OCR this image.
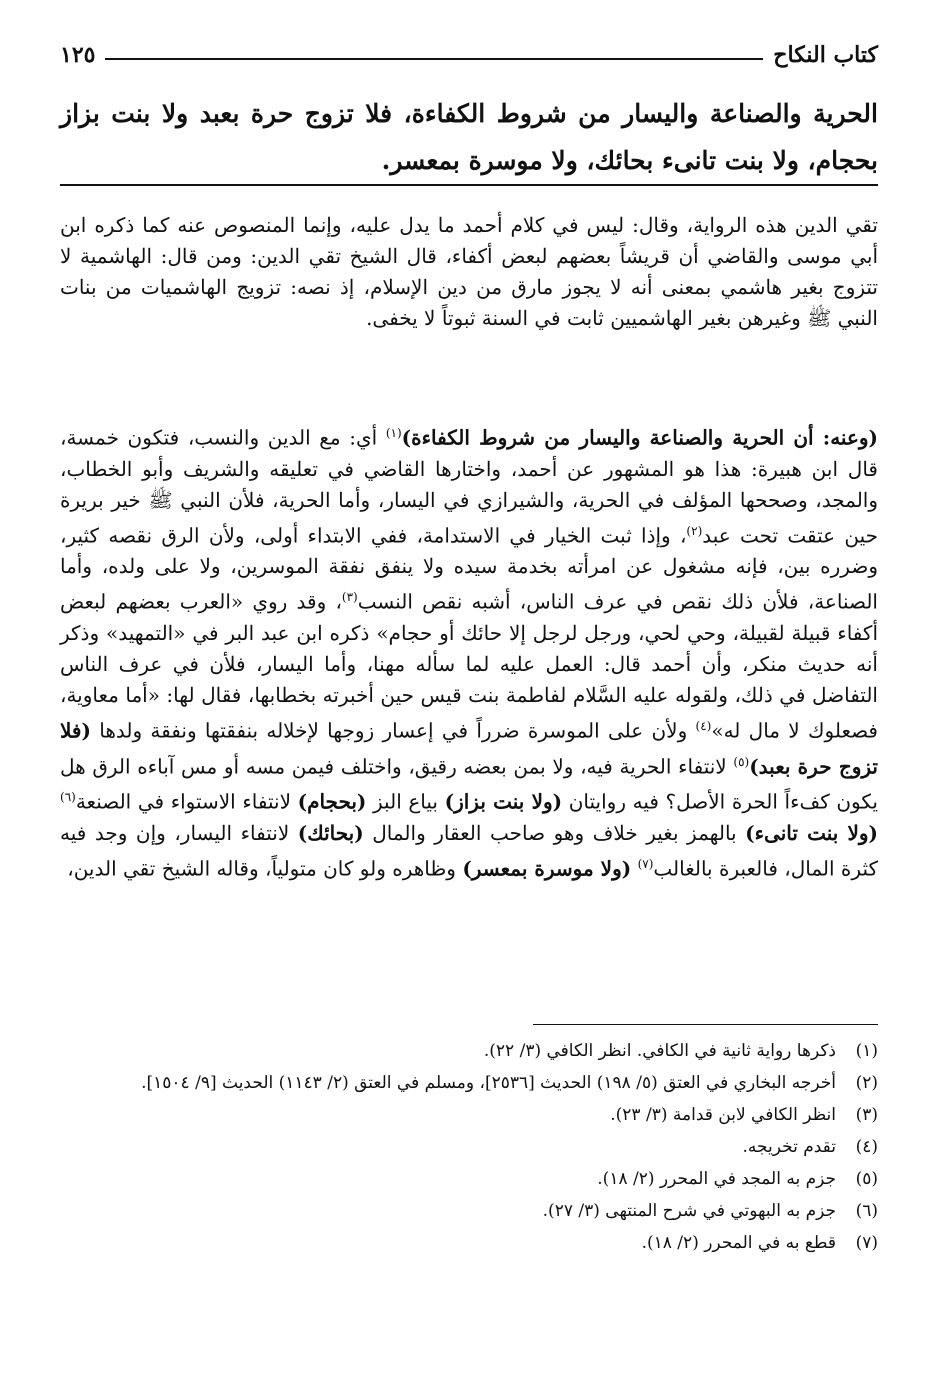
كتاب النكاح
١٢٥

الحرية والصناعة واليسار من شروط الكفاءة، فلا تزوج حرة بعبد ولا بنت بزاز بحجام، ولا بنت تانىء بحائك، ولا موسرة بمعسر.

تقي الدين هذه الرواية، وقال: ليس في كلام أحمد ما يدل عليه، وإنما المنصوص عنه كما ذكره ابن أبي موسى والقاضي أن قريشاً بعضهم لبعض أكفاء، قال الشيخ تقي الدين: ومن قال: الهاشمية لا تتزوج بغير هاشمي بمعنى أنه لا يجوز مارق من دين الإسلام، إذ نصه: تزويج الهاشميات من بنات النبي ﷺ وغيرهن بغير الهاشميين ثابت في السنة ثبوتاً لا يخفى.

(وعنه: أن الحرية والصناعة واليسار من شروط الكفاءة)$^{(١)}$ أي: مع الدين والنسب، فتكون خمسة، قال ابن هبيرة: هذا هو المشهور عن أحمد، واختارها القاضي في تعليقه والشريف وأبو الخطاب، والمجد، وصححها المؤلف في الحرية، والشيرازي في اليسار، وأما الحرية، فلأن النبي ﷺ خير بريرة حين عتقت تحت عبد$^{(٢)}$، وإذا ثبت الخيار في الاستدامة، ففي الابتداء أولى، ولأن الرق نقصه كثير، وضرره بين، فإنه مشغول عن امرأته بخدمة سيده ولا ينفق نفقة الموسرين، ولا على ولده، وأما الصناعة، فلأن ذلك نقص في عرف الناس، أشبه نقص النسب$^{(٣)}$، وقد روي «العرب بعضهم لبعض أكفاء قبيلة لقبيلة، وحي لحي، ورجل لرجل إلا حائك أو حجام» ذكره ابن عبد البر في «التمهيد» وذكر أنه حديث منكر، وأن أحمد قال: العمل عليه لما سأله مهنا، وأما اليسار، فلأن في عرف الناس التفاضل في ذلك، ولقوله عليه السَّلام لفاطمة بنت قيس حين أخبرته بخطابها، فقال لها: «أما معاوية، فصعلوك لا مال له»$^{(٤)}$ ولأن على الموسرة ضرراً في إعسار زوجها لإخلاله بنفقتها ونفقة ولدها (فلا تزوج حرة بعبد)$^{(٥)}$ لانتفاء الحرية فيه، ولا بمن بعضه رقيق، واختلف فيمن مسه أو مس آباءه الرق هل يكون كفءاً الحرة الأصل؟ فيه روايتان (ولا بنت بزاز) بياع البز (بحجام) لانتفاء الاستواء في الصنعة$^{(٦)}$ (ولا بنت تانىء) بالهمز بغير خلاف وهو صاحب العقار والمال (بحائك) لانتفاء اليسار، وإن وجد فيه كثرة المال، فالعبرة بالغالب$^{(٧)}$ (ولا موسرة بمعسر) وظاهره ولو كان متولياً، وقاله الشيخ تقي الدين،

(١)
ذكرها رواية ثانية في الكافي. انظر الكافي (٣/ ٢٢).
(٢)
أخرجه البخاري في العتق (٥/ ١٩٨) الحديث [٢٥٣٦]، ومسلم في العتق (٢/ ١١٤٣) الحديث [٩/ ١٥٠٤].
(٣)
انظر الكافي لابن قدامة (٣/ ٢٣).
(٤)
تقدم تخريجه.
(٥)
جزم به المجد في المحرر (٢/ ١٨).
(٦)
جزم به البهوتي في شرح المنتهى (٣/ ٢٧).
(٧)
قطع به في المحرر (٢/ ١٨).
